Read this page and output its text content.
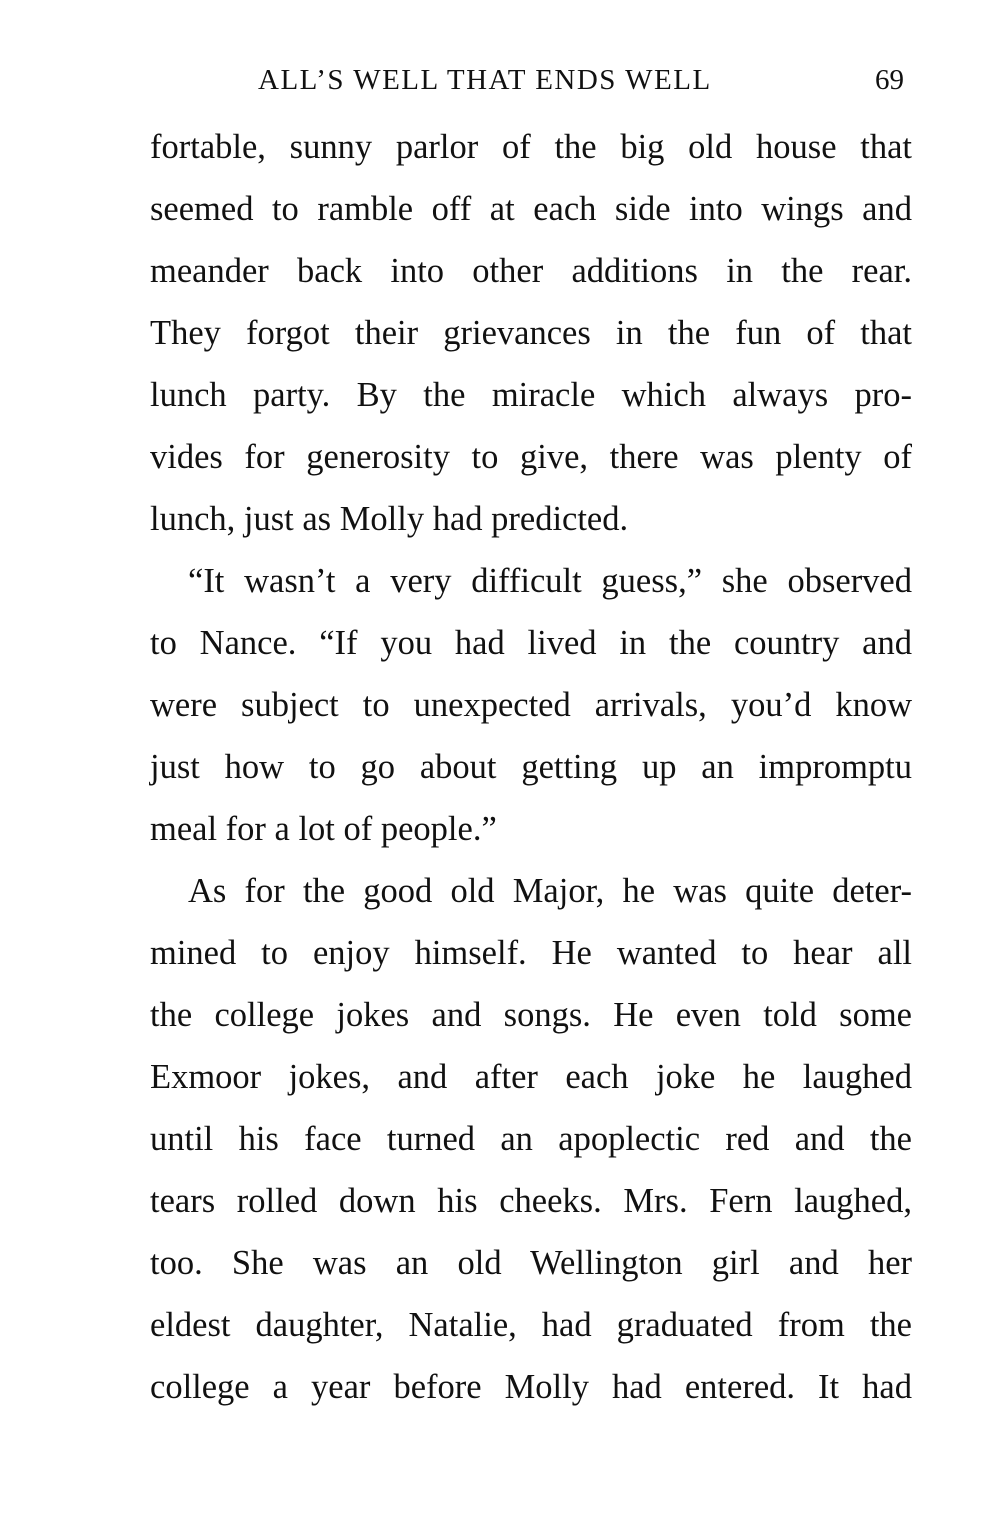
ALL’S WELL THAT ENDS WELL	69
fortable, sunny parlor of the big old house that
seemed to ramble off at each side into wings and
meander back into other additions in the rear.
They forgot their grievances in the fun of that
lunch party. By the miracle which always pro-
vides for generosity to give, there was plenty of
lunch, just as Molly had predicted.
“It wasn’t a very difficult guess,” she observed
to Nance. “If you had lived in the country and
were subject to unexpected arrivals, you’d know
just how to go about getting up an impromptu
meal for a lot of people.”
As for the good old Major, he was quite deter-
mined to enjoy himself. He wanted to hear all
the college jokes and songs. He even told some
Exmoor jokes, and after each joke he laughed
until his face turned an apoplectic red and the
tears rolled down his cheeks. Mrs. Fern laughed,
too. She was an old Wellington girl and her
eldest daughter, Natalie, had graduated from the
college a year before Molly had entered. It had
